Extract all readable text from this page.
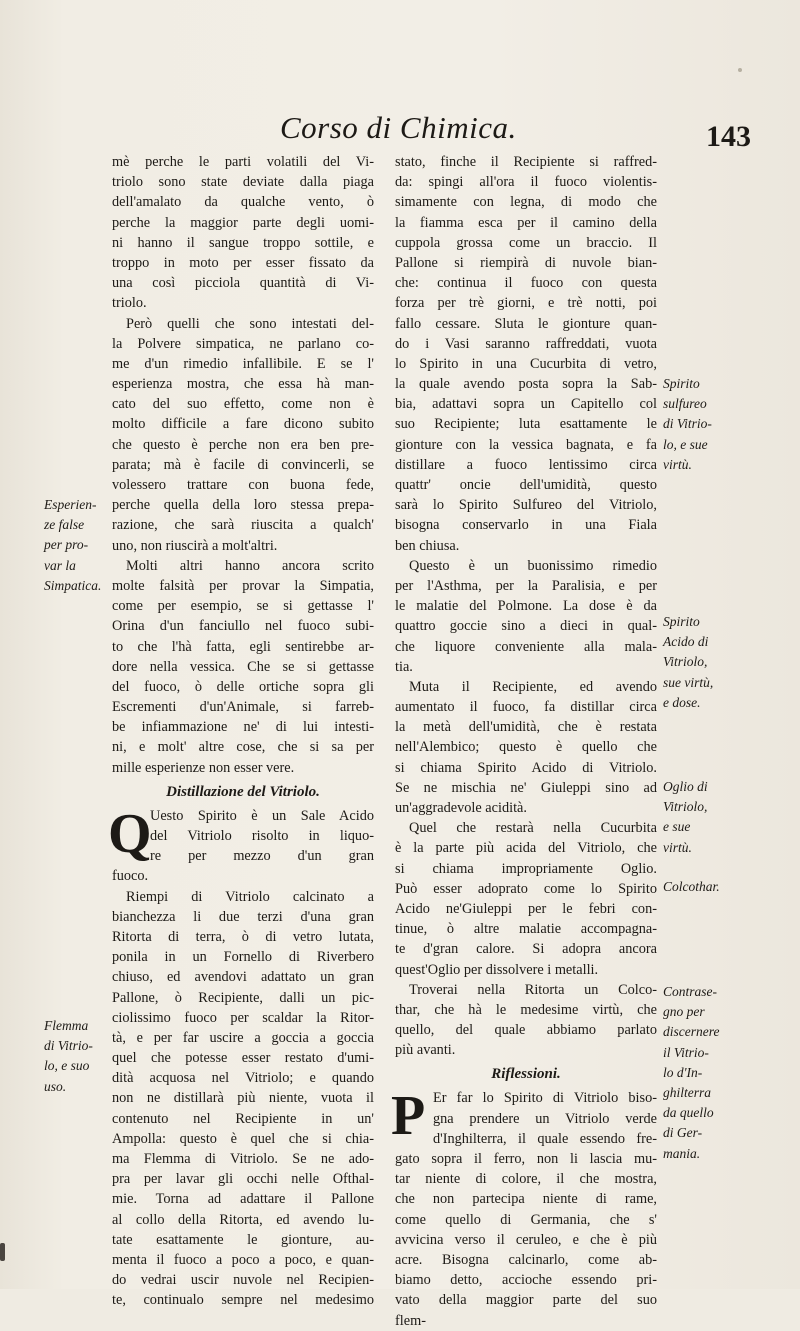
Corso di Chimica.	143
mè perche le parti volatili del Vi-
triolo sono state deviate dalla piaga
dell'amalato da qualche vento, ò
perche la maggior parte degli uomi-
ni hanno il sangue troppo sottile, e
troppo in moto per esser fissato da
una così picciola quantità di Vi-
triolo.
Però quelli che sono intestati del-
la Polvere simpatica, ne parlano co-
me d'un rimedio infallibile. E se l'
esperienza mostra, che essa hà man-
cato del suo effetto, come non è
molto difficile a fare dicono subito
che questo è perche non era ben pre-
parata; mà è facile di convincerli, se
volessero trattare con buona fede,
perche quella della loro stessa prepa-
razione, che sarà riuscita a qualch'
uno, non riuscirà a molt'altri.
Molti altri hanno ancora scrito
molte falsità per provar la Simpatia,
come per esempio, se si gettasse l'
Orina d'un fanciullo nel fuoco subi-
to che l'hà fatta, egli sentirebbe ar-
dore nella vessica. Che se si gettasse
del fuoco, ò delle ortiche sopra gli
Escrementi d'un'Animale, si farreb-
be infiammazione ne' di lui intesti-
ni, e molt' altre cose, che si sa per
mille esperienze non esser vere.
Distillazione del Vitriolo.
Q
Uesto Spirito è un Sale Acido
del Vitriolo risolto in liquo-
re per mezzo d'un gran
fuoco.
Riempi di Vitriolo calcinato a
bianchezza li due terzi d'una gran
Ritorta di terra, ò di vetro lutata,
ponila in un Fornello di Riverbero
chiuso, ed avendovi adattato un gran
Pallone, ò Recipiente, dalli un pic-
ciolissimo fuoco per scaldar la Ritor-
tà, e per far uscire a goccia a goccia
quel che potesse esser restato d'umi-
dità acquosa nel Vitriolo; e quando
non ne distillarà più niente, vuota il
contenuto nel Recipiente in un'
Ampolla: questo è quel che si chia-
ma Flemma di Vitriolo. Se ne ado-
pra per lavar gli occhi nelle Ofthal-
mie. Torna ad adattare il Pallone
al collo della Ritorta, ed avendo lu-
tate esattamente le gionture, au-
menta il fuoco a poco a poco, e quan-
do vedrai uscir nuvole nel Recipien-
te, continualo sempre nel medesimo
Esperien-
ze false
per pro-
var la
Simpatica.
Flemma
di Vitrio-
lo, e suo
uso.
stato, finche il Recipiente si raffred-
da: spingi all'ora il fuoco violentis-
simamente con legna, di modo che
la fiamma esca per il camino della
cuppola grossa come un braccio. Il
Pallone si riempirà di nuvole bian-
che: continua il fuoco con questa
forza per trè giorni, e trè notti, poi
fallo cessare. Sluta le gionture quan-
do i Vasi saranno raffreddati, vuota
lo Spirito in una Cucurbita di vetro,
la quale avendo posta sopra la Sab-
bia, adattavi sopra un Capitello col
suo Recipiente; luta esattamente le
gionture con la vessica bagnata, e fa
distillare a fuoco lentissimo circa
quattr' oncie dell'umidità, questo
sarà lo Spirito Sulfureo del Vitriolo,
bisogna conservarlo in una Fiala
ben chiusa.
Questo è un buonissimo rimedio
per l'Asthma, per la Paralisia, e per
le malatie del Polmone. La dose è da
quattro goccie sino a dieci in qual-
che liquore conveniente alla mala-
tia.
Muta il Recipiente, ed avendo
aumentato il fuoco, fa distillar circa
la metà dell'umidità, che è restata
nell'Alembico; questo è quello che
si chiama Spirito Acido di Vitriolo.
Se ne mischia ne' Giuleppi sino ad
un'aggradevole acidità.
Quel che restarà nella Cucurbita
è la parte più acida del Vitriolo, che
si chiama impropriamente Oglio.
Può esser adoprato come lo Spirito
Acido ne'Giuleppi per le febri con-
tinue, ò altre malatie accompagna-
te d'gran calore. Si adopra ancora
quest'Oglio per dissolvere i metalli.
Troverai nella Ritorta un Colco-
thar, che hà le medesime virtù, che
quello, del quale abbiamo parlato
più avanti.
Riflessioni.
P Er far lo Spirito di Vitriolo biso-
gna prendere un Vitriolo verde
d'Inghilterra, il quale essendo fre-
gato sopra il ferro, non li lascia mu-
tar niente di colore, il che mostra,
che non partecipa niente di rame,
come quello di Germania, che s'
avvicina verso il ceruleo, e che è più
acre. Bisogna calcinarlo, come ab-
biamo detto, accioche essendo pri-
vato della maggior parte del suo
flem-
Spirito
sulfureo
di Vitrio-
lo, e sue
virtù.
Spirito
Acido di
Vitriolo,
sue virtù,
e dose.
Oglio di
Vitriolo,
e sue
virtù.
Colcothar.
Contrase-
gno per
discernere
il Vitrio-
lo d'In-
ghilterra
da quello
di Ger-
mania.
